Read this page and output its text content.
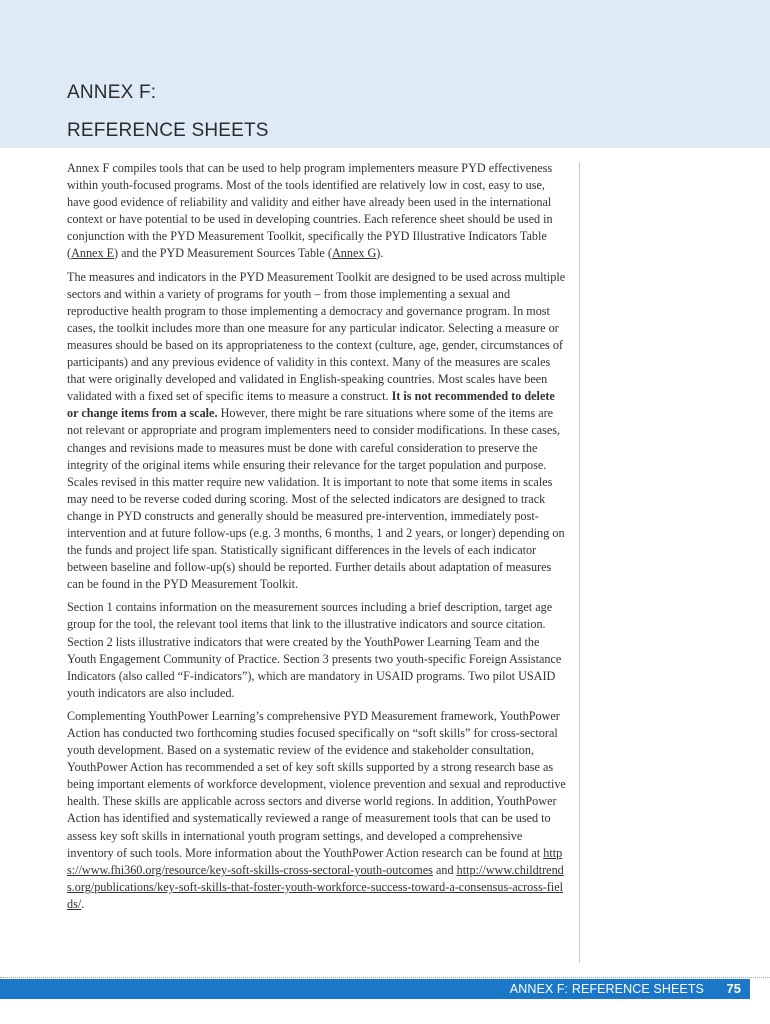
ANNEX F:
REFERENCE SHEETS

Annex F compiles tools that can be used to help program implementers measure PYD effectiveness within youth-focused programs. Most of the tools identified are relatively low in cost, easy to use, have good evidence of reliability and validity and either have already been used in the international context or have potential to be used in developing countries. Each reference sheet should be used in conjunction with the PYD Measurement Toolkit, specifically the PYD Illustrative Indicators Table (Annex E) and the PYD Measurement Sources Table (Annex G).

The measures and indicators in the PYD Measurement Toolkit are designed to be used across multiple sectors and within a variety of programs for youth – from those implementing a sexual and reproductive health program to those implementing a democracy and governance program. In most cases, the toolkit includes more than one measure for any particular indicator. Selecting a measure or measures should be based on its appropriateness to the context (culture, age, gender, circumstances of participants) and any previous evidence of validity in this context. Many of the measures are scales that were originally developed and validated in English-speaking countries. Most scales have been validated with a fixed set of specific items to measure a construct. It is not recommended to delete or change items from a scale. However, there might be rare situations where some of the items are not relevant or appropriate and program implementers need to consider modifications. In these cases, changes and revisions made to measures must be done with careful consideration to preserve the integrity of the original items while ensuring their relevance for the target population and purpose. Scales revised in this matter require new validation. It is important to note that some items in scales may need to be reverse coded during scoring. Most of the selected indicators are designed to track change in PYD constructs and generally should be measured pre-intervention, immediately post-intervention and at future follow-ups (e.g. 3 months, 6 months, 1 and 2 years, or longer) depending on the funds and project life span. Statistically significant differences in the levels of each indicator between baseline and follow-up(s) should be reported. Further details about adaptation of measures can be found in the PYD Measurement Toolkit.

Section 1 contains information on the measurement sources including a brief description, target age group for the tool, the relevant tool items that link to the illustrative indicators and source citation. Section 2 lists illustrative indicators that were created by the YouthPower Learning Team and the Youth Engagement Community of Practice. Section 3 presents two youth-specific Foreign Assistance Indicators (also called “F-indicators”), which are mandatory in USAID programs. Two pilot USAID youth indicators are also included.

Complementing YouthPower Learning’s comprehensive PYD Measurement framework, YouthPower Action has conducted two forthcoming studies focused specifically on “soft skills” for cross-sectoral youth development. Based on a systematic review of the evidence and stakeholder consultation, YouthPower Action has recommended a set of key soft skills supported by a strong research base as being important elements of workforce development, violence prevention and sexual and reproductive health. These skills are applicable across sectors and diverse world regions. In addition, YouthPower Action has identified and systematically reviewed a range of measurement tools that can be used to assess key soft skills in international youth program settings, and developed a comprehensive inventory of such tools. More information about the YouthPower Action research can be found at https://www.fhi360.org/resource/key-soft-skills-cross-sectoral-youth-outcomes and http://www.childtrends.org/publications/key-soft-skills-that-foster-youth-workforce-success-toward-a-consensus-across-fields/.

ANNEX F: REFERENCE SHEETS 75
